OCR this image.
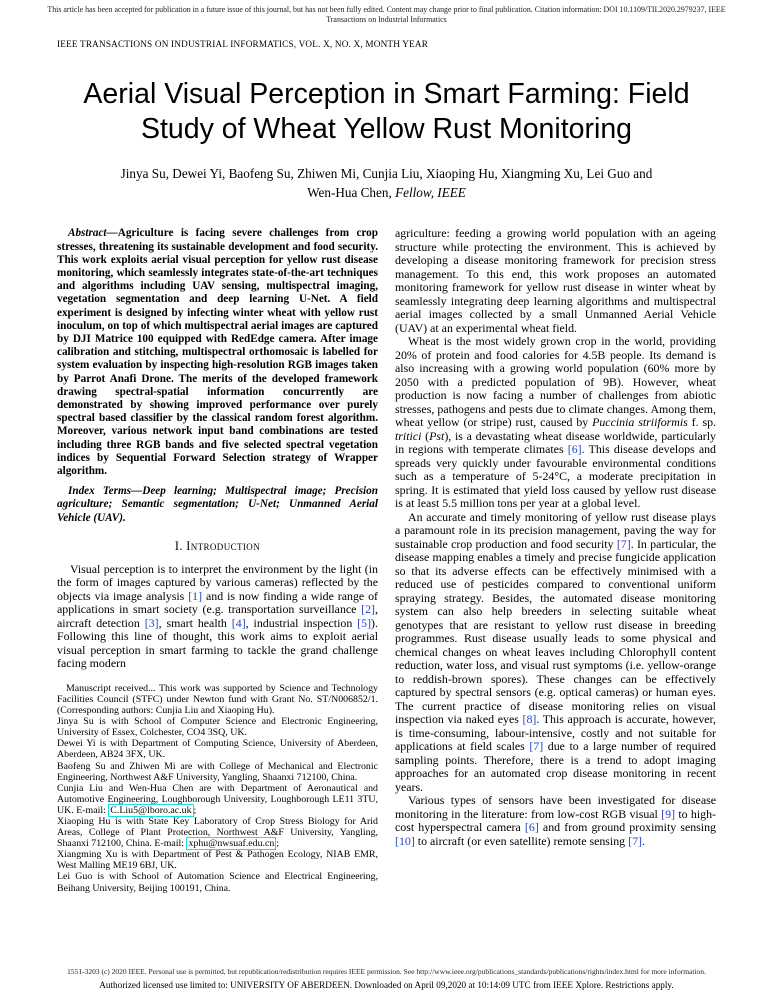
This article has been accepted for publication in a future issue of this journal, but has not been fully edited. Content may change prior to final publication. Citation information: DOI 10.1109/TII.2020.2979237, IEEE
Transactions on Industrial Informatics
IEEE TRANSACTIONS ON INDUSTRIAL INFORMATICS, VOL. X, NO. X, MONTH YEAR
Aerial Visual Perception in Smart Farming: Field Study of Wheat Yellow Rust Monitoring
Jinya Su, Dewei Yi, Baofeng Su, Zhiwen Mi, Cunjia Liu, Xiaoping Hu, Xiangming Xu, Lei Guo and
Wen-Hua Chen, Fellow, IEEE

Abstract—Agriculture is facing severe challenges from crop stresses, threatening its sustainable development and food security. This work exploits aerial visual perception for yellow rust disease monitoring, which seamlessly integrates state-of-the-art techniques and algorithms including UAV sensing, multispectral imaging, vegetation segmentation and deep learning U-Net. A field experiment is designed by infecting winter wheat with yellow rust inoculum, on top of which multispectral aerial images are captured by DJI Matrice 100 equipped with RedEdge camera. After image calibration and stitching, multispectral orthomosaic is labelled for system evaluation by inspecting high-resolution RGB images taken by Parrot Anafi Drone. The merits of the developed framework drawing spectral-spatial information concurrently are demonstrated by showing improved performance over purely spectral based classifier by the classical random forest algorithm. Moreover, various network input band combinations are tested including three RGB bands and five selected spectral vegetation indices by Sequential Forward Selection strategy of Wrapper algorithm.

Index Terms—Deep learning; Multispectral image; Precision agriculture; Semantic segmentation; U-Net; Unmanned Aerial Vehicle (UAV).

I. Introduction

Visual perception is to interpret the environment by the light (in the form of images captured by various cameras) reflected by the objects via image analysis [1] and is now finding a wide range of applications in smart society (e.g. transportation surveillance [2], aircraft detection [3], smart health [4], industrial inspection [5]). Following this line of thought, this work aims to exploit aerial visual perception in smart farming to tackle the grand challenge facing modern

Manuscript received... This work was supported by Science and Technology Facilities Council (STFC) under Newton fund with Grant No. ST/N006852/1. (Corresponding authors: Cunjia Liu and Xiaoping Hu).

Jinya Su is with School of Computer Science and Electronic Engineering, University of Essex, Colchester, CO4 3SQ, UK.

Dewei Yi is with Department of Computing Science, University of Aberdeen, Aberdeen, AB24 3FX, UK.

Baofeng Su and Zhiwen Mi are with College of Mechanical and Electronic Engineering, Northwest A&F University, Yangling, Shaanxi 712100, China.

Cunjia Liu and Wen-Hua Chen are with Department of Aeronautical and Automotive Engineering, Loughborough University, Loughborough LE11 3TU, UK. E-mail: C.Liu5@lboro.ac.uk ;

Xiaoping Hu is with State Key Laboratory of Crop Stress Biology for Arid Areas, College of Plant Protection, Northwest A&F University, Yangling, Shaanxi 712100, China. E-mail: xphu@nwsuaf.edu.cn ;

Xiangming Xu is with Department of Pest & Pathogen Ecology, NIAB EMR, West Malling ME19 6BJ, UK.

Lei Guo is with School of Automation Science and Electrical Engineering, Beihang University, Beijing 100191, China.

agriculture: feeding a growing world population with an ageing structure while protecting the environment. This is achieved by developing a disease monitoring framework for precision stress management. To this end, this work proposes an automated monitoring framework for yellow rust disease in winter wheat by seamlessly integrating deep learning algorithms and multispectral aerial images collected by a small Unmanned Aerial Vehicle (UAV) at an experimental wheat field.

Wheat is the most widely grown crop in the world, providing 20% of protein and food calories for 4.5B people. Its demand is also increasing with a growing world population (60% more by 2050 with a predicted population of 9B). However, wheat production is now facing a number of challenges from abiotic stresses, pathogens and pests due to climate changes. Among them, wheat yellow (or stripe) rust, caused by Puccinia striiformis f. sp. tritici (Pst), is a devastating wheat disease worldwide, particularly in regions with temperate climates [6]. This disease develops and spreads very quickly under favourable environmental conditions such as a temperature of 5-24°C, a moderate precipitation in spring. It is estimated that yield loss caused by yellow rust disease is at least 5.5 million tons per year at a global level.

An accurate and timely monitoring of yellow rust disease plays a paramount role in its precision management, paving the way for sustainable crop production and food security [7]. In particular, the disease mapping enables a timely and precise fungicide application so that its adverse effects can be effectively minimised with a reduced use of pesticides compared to conventional uniform spraying strategy. Besides, the automated disease monitoring system can also help breeders in selecting suitable wheat genotypes that are resistant to yellow rust disease in breeding programmes. Rust disease usually leads to some physical and chemical changes on wheat leaves including Chlorophyll content reduction, water loss, and visual rust symptoms (i.e. yellow-orange to reddish-brown spores). These changes can be effectively captured by spectral sensors (e.g. optical cameras) or human eyes. The current practice of disease monitoring relies on visual inspection via naked eyes [8]. This approach is accurate, however, is time-consuming, labour-intensive, costly and not suitable for applications at field scales [7] due to a large number of required sampling points. Therefore, there is a trend to adopt imaging approaches for an automated crop disease monitoring in recent years.

Various types of sensors have been investigated for disease monitoring in the literature: from low-cost RGB visual [9] to high-cost hyperspectral camera [6] and from ground proximity sensing [10] to aircraft (or even satellite) remote sensing [7].

1551-3203 (c) 2020 IEEE. Personal use is permitted, but republication/redistribution requires IEEE permission. See http://www.ieee.org/publications_standards/publications/rights/index.html for more information.
Authorized licensed use limited to: UNIVERSITY OF ABERDEEN. Downloaded on April 09,2020 at 10:14:09 UTC from IEEE Xplore. Restrictions apply.
